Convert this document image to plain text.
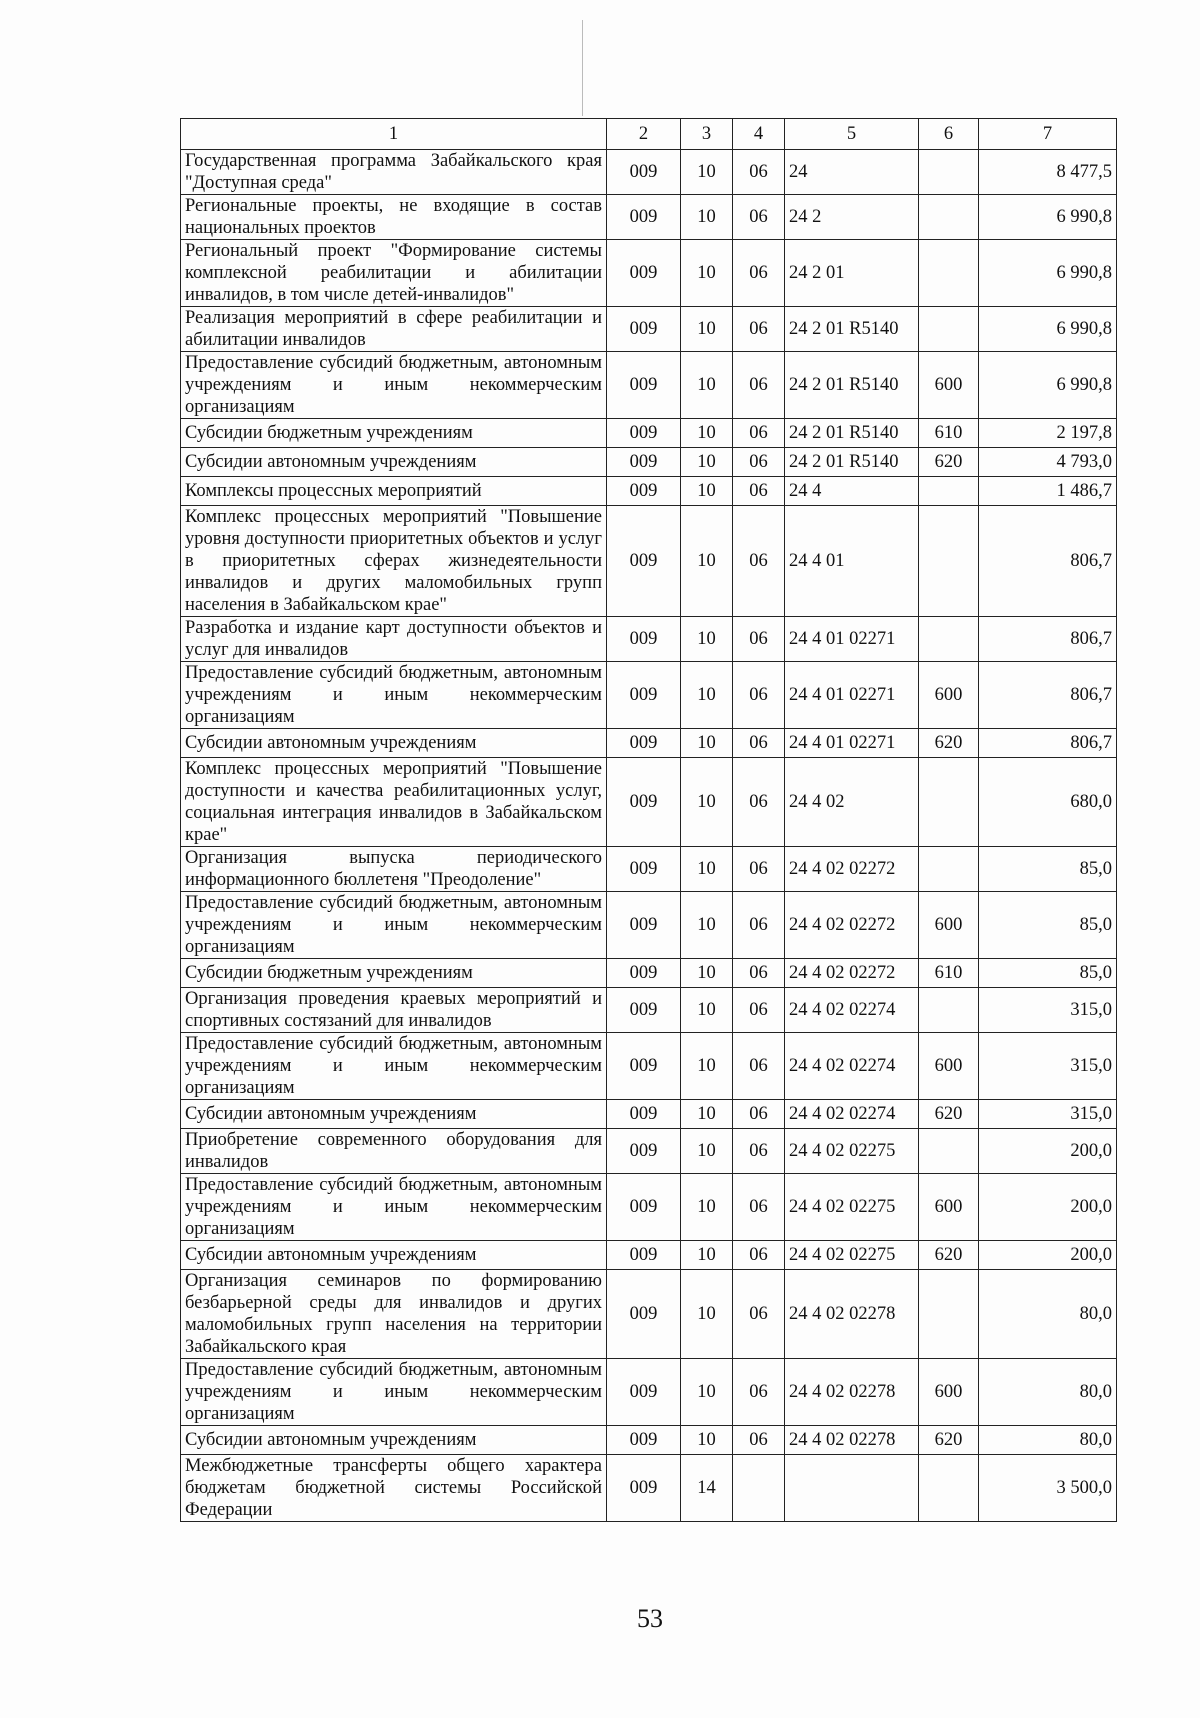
1	2	3	4	5	6	7
Государственная программа Забайкальского края "Доступная среда"	009	10	06	24		8 477,5
Региональные проекты, не входящие в состав национальных проектов	009	10	06	24 2		6 990,8
Региональный проект "Формирование системы комплексной реабилитации и абилитации инвалидов, в том числе детей-инвалидов"	009	10	06	24 2 01		6 990,8
Реализация мероприятий в сфере реабилитации и абилитации инвалидов	009	10	06	24 2 01 R5140		6 990,8
Предоставление субсидий бюджетным, автономным учреждениям и иным некоммерческим организациям	009	10	06	24 2 01 R5140	600	6 990,8
Субсидии бюджетным учреждениям	009	10	06	24 2 01 R5140	610	2 197,8
Субсидии автономным учреждениям	009	10	06	24 2 01 R5140	620	4 793,0
Комплексы процессных мероприятий	009	10	06	24 4		1 486,7
Комплекс процессных мероприятий "Повышение уровня доступности приоритетных объектов и услуг в приоритетных сферах жизнедеятельности инвалидов и других маломобильных групп населения в Забайкальском крае"	009	10	06	24 4 01		806,7
Разработка и издание карт доступности объектов и услуг для инвалидов	009	10	06	24 4 01 02271		806,7
Предоставление субсидий бюджетным, автономным учреждениям и иным некоммерческим организациям	009	10	06	24 4 01 02271	600	806,7
Субсидии автономным учреждениям	009	10	06	24 4 01 02271	620	806,7
Комплекс процессных мероприятий "Повышение доступности и качества реабилитационных услуг, социальная интеграция инвалидов в Забайкальском крае"	009	10	06	24 4 02		680,0
Организация выпуска периодического информационного бюллетеня "Преодоление"	009	10	06	24 4 02 02272		85,0
Предоставление субсидий бюджетным, автономным учреждениям и иным некоммерческим организациям	009	10	06	24 4 02 02272	600	85,0
Субсидии бюджетным учреждениям	009	10	06	24 4 02 02272	610	85,0
Организация проведения краевых мероприятий и спортивных состязаний для инвалидов	009	10	06	24 4 02 02274		315,0
Предоставление субсидий бюджетным, автономным учреждениям и иным некоммерческим организациям	009	10	06	24 4 02 02274	600	315,0
Субсидии автономным учреждениям	009	10	06	24 4 02 02274	620	315,0
Приобретение современного оборудования для инвалидов	009	10	06	24 4 02 02275		200,0
Предоставление субсидий бюджетным, автономным учреждениям и иным некоммерческим организациям	009	10	06	24 4 02 02275	600	200,0
Субсидии автономным учреждениям	009	10	06	24 4 02 02275	620	200,0
Организация семинаров по формированию безбарьерной среды для инвалидов и других маломобильных групп населения на территории Забайкальского края	009	10	06	24 4 02 02278		80,0
Предоставление субсидий бюджетным, автономным учреждениям и иным некоммерческим организациям	009	10	06	24 4 02 02278	600	80,0
Субсидии автономным учреждениям	009	10	06	24 4 02 02278	620	80,0
Межбюджетные трансферты общего характера бюджетам бюджетной системы Российской Федерации	009	14				3 500,0
53
